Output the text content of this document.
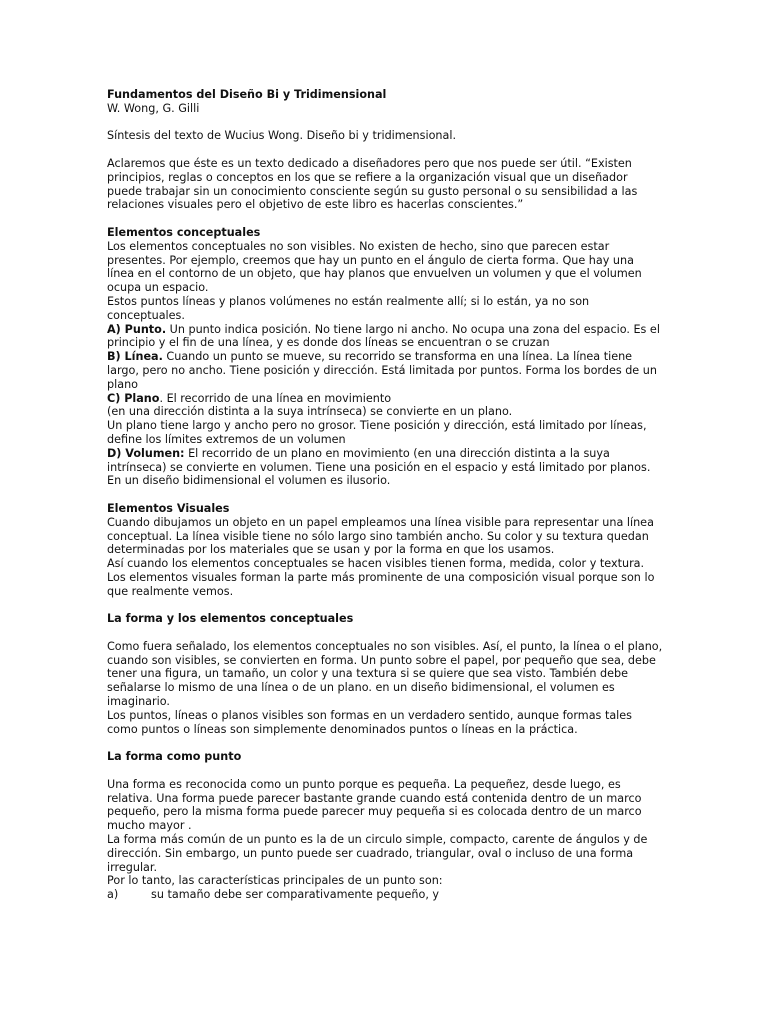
Fundamentos del Diseño Bi y Tridimensional

W. Wong, G. Gilli

Síntesis del texto de Wucius Wong. Diseño bi y tridimensional.

Aclaremos que éste es un texto dedicado a diseñadores pero que nos puede ser útil. “Existen principios, reglas o conceptos en los que se refiere a la organización visual que un diseñador puede trabajar sin un conocimiento consciente según su gusto personal o su sensibilidad a las relaciones visuales pero el objetivo de este libro es hacerlas conscientes.”

Elementos conceptuales

Los elementos conceptuales no son visibles. No existen de hecho, sino que parecen estar presentes. Por ejemplo, creemos que hay un punto en el ángulo de cierta forma. Que hay una línea en el contorno de un objeto, que hay planos que envuelven un volumen y que el volumen ocupa un espacio.

Estos puntos líneas y planos volúmenes no están realmente allí; si lo están, ya no son conceptuales.

A) Punto. Un punto indica posición. No tiene largo ni ancho. No ocupa una zona del espacio. Es el principio y el fin de una línea, y es donde dos líneas se encuentran o se cruzan

B) Línea. Cuando un punto se mueve, su recorrido se transforma en una línea. La línea tiene largo, pero no ancho. Tiene posición y dirección. Está limitada por puntos. Forma los bordes de un plano

C) Plano. El recorrido de una línea en movimiento

(en una dirección distinta a la suya intrínseca) se convierte en un plano.

Un plano tiene largo y ancho pero no grosor. Tiene posición y dirección, está limitado por líneas, define los límites extremos de un volumen

D) Volumen: El recorrido de un plano en movimiento (en una dirección distinta a la suya intrínseca) se convierte en volumen. Tiene una posición en el espacio y está limitado por planos. En un diseño bidimensional el volumen es ilusorio.

Elementos Visuales

Cuando dibujamos un objeto en un papel empleamos una línea visible para representar una línea conceptual. La línea visible tiene no sólo largo sino también ancho. Su color y su textura quedan determinadas por los materiales que se usan y por la forma en que los usamos.

Así cuando los elementos conceptuales se hacen visibles tienen forma, medida, color y textura. Los elementos visuales forman la parte más prominente de una composición visual porque son lo que realmente vemos.

La forma y los elementos conceptuales

Como fuera señalado, los elementos conceptuales no son visibles. Así, el punto, la línea o el plano, cuando son visibles, se convierten en forma. Un punto sobre el papel, por pequeño que sea, debe tener una figura, un tamaño, un color y una textura si se quiere que sea visto. También debe señalarse lo mismo de una línea o de un plano. en un diseño bidimensional, el volumen es imaginario.

Los puntos, líneas o planos visibles son formas en un verdadero sentido, aunque formas tales como puntos o líneas son simplemente denominados puntos o líneas en la práctica.

La forma como punto

Una forma es reconocida como un punto porque es pequeña. La pequeñez, desde luego, es relativa. Una forma puede parecer bastante grande cuando está contenida dentro de un marco pequeño, pero la misma forma puede parecer muy pequeña si es colocada dentro de un marco mucho mayor .

La forma más común de un punto es la de un circulo simple, compacto, carente de ángulos y de dirección. Sin embargo, un punto puede ser cuadrado, triangular, oval o incluso de una forma irregular.

Por lo tanto, las características principales de un punto son:

a)	su tamaño debe ser comparativamente pequeño, y
